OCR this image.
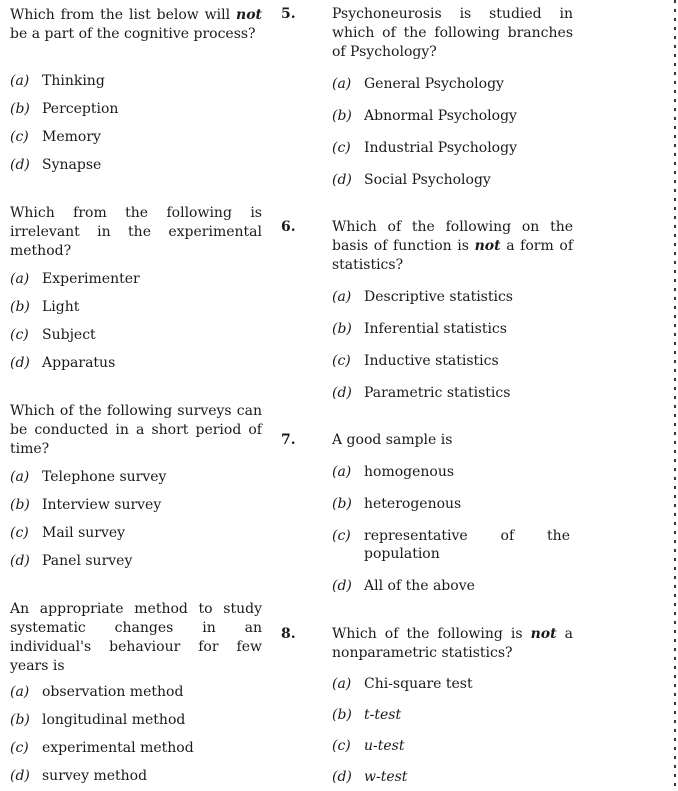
Which from the list below will not be a part of the cognitive process?
(a) Thinking
(b) Perception
(c) Memory
(d) Synapse
Which from the following is irrelevant in the experimental method?
(a) Experimenter
(b) Light
(c) Subject
(d) Apparatus
Which of the following surveys can be conducted in a short period of time?
(a) Telephone survey
(b) Interview survey
(c) Mail survey
(d) Panel survey
An appropriate method to study systematic changes in an individual's behaviour for few years is
(a) observation method
(b) longitudinal method
(c) experimental method
(d) survey method
5.	Psychoneurosis is studied in which of the following branches of Psychology?
(a) General Psychology
(b) Abnormal Psychology
(c) Industrial Psychology
(d) Social Psychology
6.	Which of the following on the basis of function is not a form of statistics?
(a) Descriptive statistics
(b) Inferential statistics
(c) Inductive statistics
(d) Parametric statistics
7.	A good sample is
(a) homogenous
(b) heterogenous
(c) representative of the
population
(d) All of the above
8.	Which of the following is not a nonparametric statistics?
(a) Chi-square test
(b) t-test
(c) u-test
(d) w-test
